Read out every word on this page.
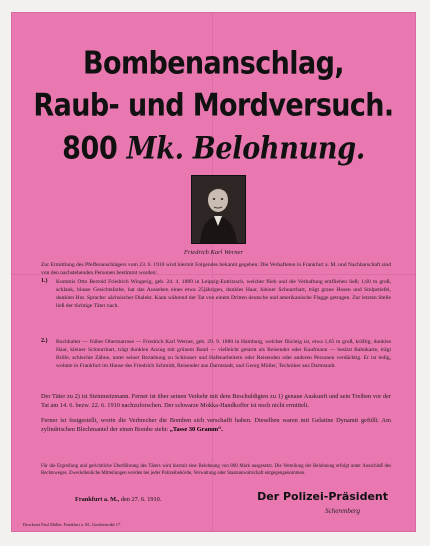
Bombenanschlag,
Raub- und Mordversuch.
800 Mk. Belohnung.
Friedrich Karl Werner

Zur Ermittlung des Pfefferanschlägers vom 23. 6. 1910 wird hiermit Folgendes bekannt gegeben: Die Verhafteten in Frankfurt a. M. und Nachbarschaft sind von den nachstehenden Personen bestimmt worden:

1.) Kommis Otto Bertold Friedrich Wingerig, geb. 24. 4. 1889 in Leipzig-Eutritzsch, welcher flieh und die Verhaftung entfliehen ließ; 1,60 m groß, schlank, blasse Gesichtsfarbe, hat das Aussehen eines etwa 25jährigen, dunkles Haar, kleiner Schnurrbart, trägt graue Hosen und Stulpstiefel, dunklen Hut. Sprache: sächsischer Dialekt. Kann während der Tat von einem Dritten deutsche und amerikanische Flagge getragen. Zur letzten Stelle ließ der tüchtige Täter nach.

2.) Buchhalter — früher Obermatrose — Friedrich Karl Werner, geb. 29. 9. 1880 in Hamburg, welcher flüchtig ist, etwa 1,65 m groß, kräftig, dunkles Haar, kleiner Schnurrbart, trägt dunklen Anzug mit grünem Band — vielleicht getarnt als Reisender oder Kaufmann — besitzt Bahnkarte, trägt Brille, schlechte Zähne, unter seiner Beziehung zu Schlosser und Hafenarbeitern oder Reisenden oder anderen Personen verdächtig. Er ist ledig, wohnte in Frankfurt im Hause des Friedrich Schmidt, Reisender aus Darmstadt, und Georg Müller, Techniker aus Darmstadt.

Der Täter zu 2) ist Steinmetzmann. Ferner ist über seinen Verkehr mit dem Beschuldigten zu 1) genaue Auskunft und sein Treiben vor der Tat am 14. 6. bezw. 22. 6. 1910 nachzuforschen. Der schwarze Mokka-Handkoffer ist noch nicht ermittelt.

Ferner ist festgestellt, worin die Verbrecher die Bomben sich verschafft haben. Dieselben waren mit Gelatine Dynamit gefüllt. Am zylindrischen Blechmantel der einen Bombe steht: „Tasse 30 Gramm“.

Für die Ergreifung und gerichtliche Überführung des Täters wird hiermit eine Belohnung von 800 Mark ausgesetzt. Die Verteilung der Belohnung erfolgt unter Ausschluß des Rechtsweges. Zweckdienliche Mitteilungen werden bei jeder Polizeibehörde, Verwaltung oder Staatsanwaltschaft entgegengenommen.

Frankfurt a. M., den 27. 6. 1910.	Der Polizei-Präsident
Scherenberg
Druckerei Paul Müller, Frankfurt a. M., Goethestraße 17.
